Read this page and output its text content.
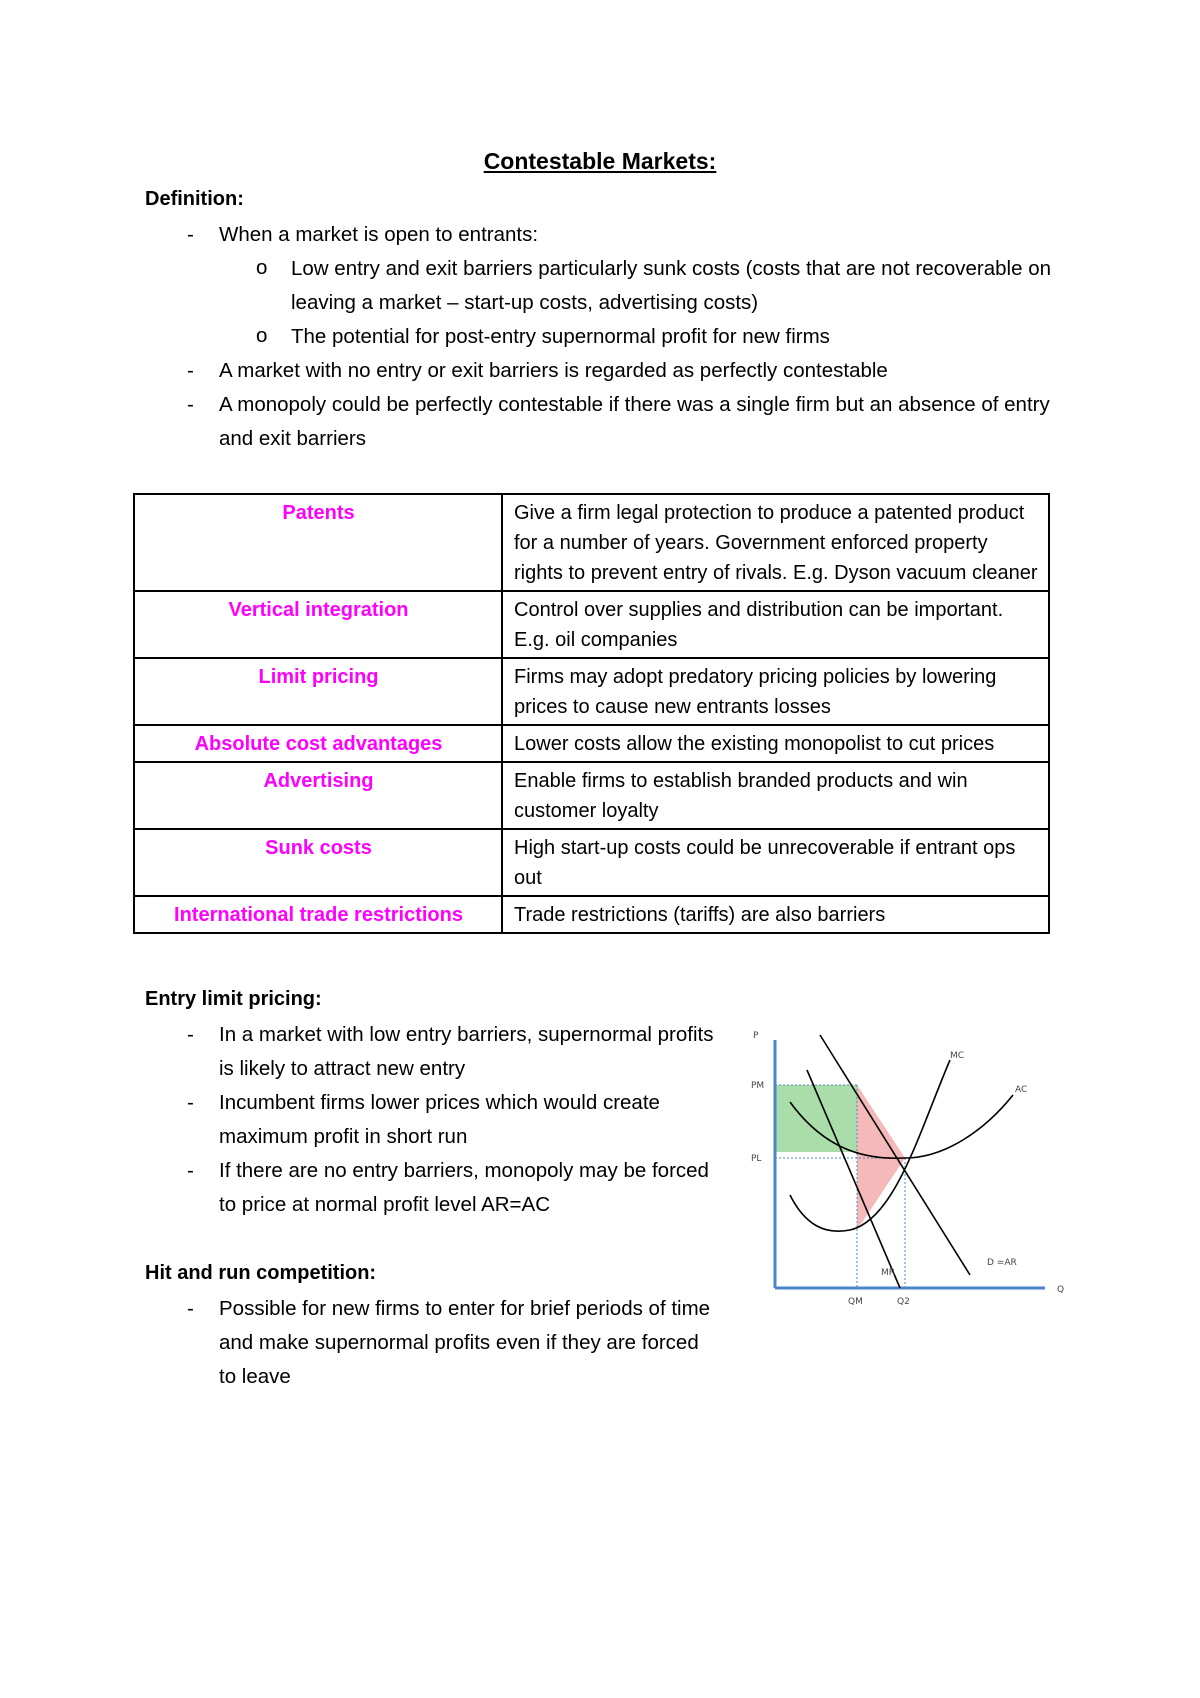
Contestable Markets:

Definition:

- When a market is open to entrants:
o Low entry and exit barriers particularly sunk costs (costs that are not recoverable on leaving a market – start-up costs, advertising costs)
o The potential for post-entry supernormal profit for new firms
- A market with no entry or exit barriers is regarded as perfectly contestable
- A monopoly could be perfectly contestable if there was a single firm but an absence of entry and exit barriers
Patents	Give a firm legal protection to produce a patented product for a number of years. Government enforced property rights to prevent entry of rivals. E.g. Dyson vacuum cleaner
Vertical integration	Control over supplies and distribution can be important. E.g. oil companies
Limit pricing	Firms may adopt predatory pricing policies by lowering prices to cause new entrants losses
Absolute cost advantages	Lower costs allow the existing monopolist to cut prices
Advertising	Enable firms to establish branded products and win customer loyalty
Sunk costs	High start-up costs could be unrecoverable if entrant ops out
International trade restrictions	Trade restrictions (tariffs) are also barriers

Entry limit pricing:

- In a market with low entry barriers, supernormal profits is likely to attract new entry
- Incumbent firms lower prices which would create maximum profit in short run
- If there are no entry barriers, monopoly may be forced to price at normal profit level AR=AC

Hit and run competition:

- Possible for new firms to enter for brief periods of time and make supernormal profits even if they are forced to leave
P
Q
MC
AC
D =AR
MR
PM
PL
QM	Q2
